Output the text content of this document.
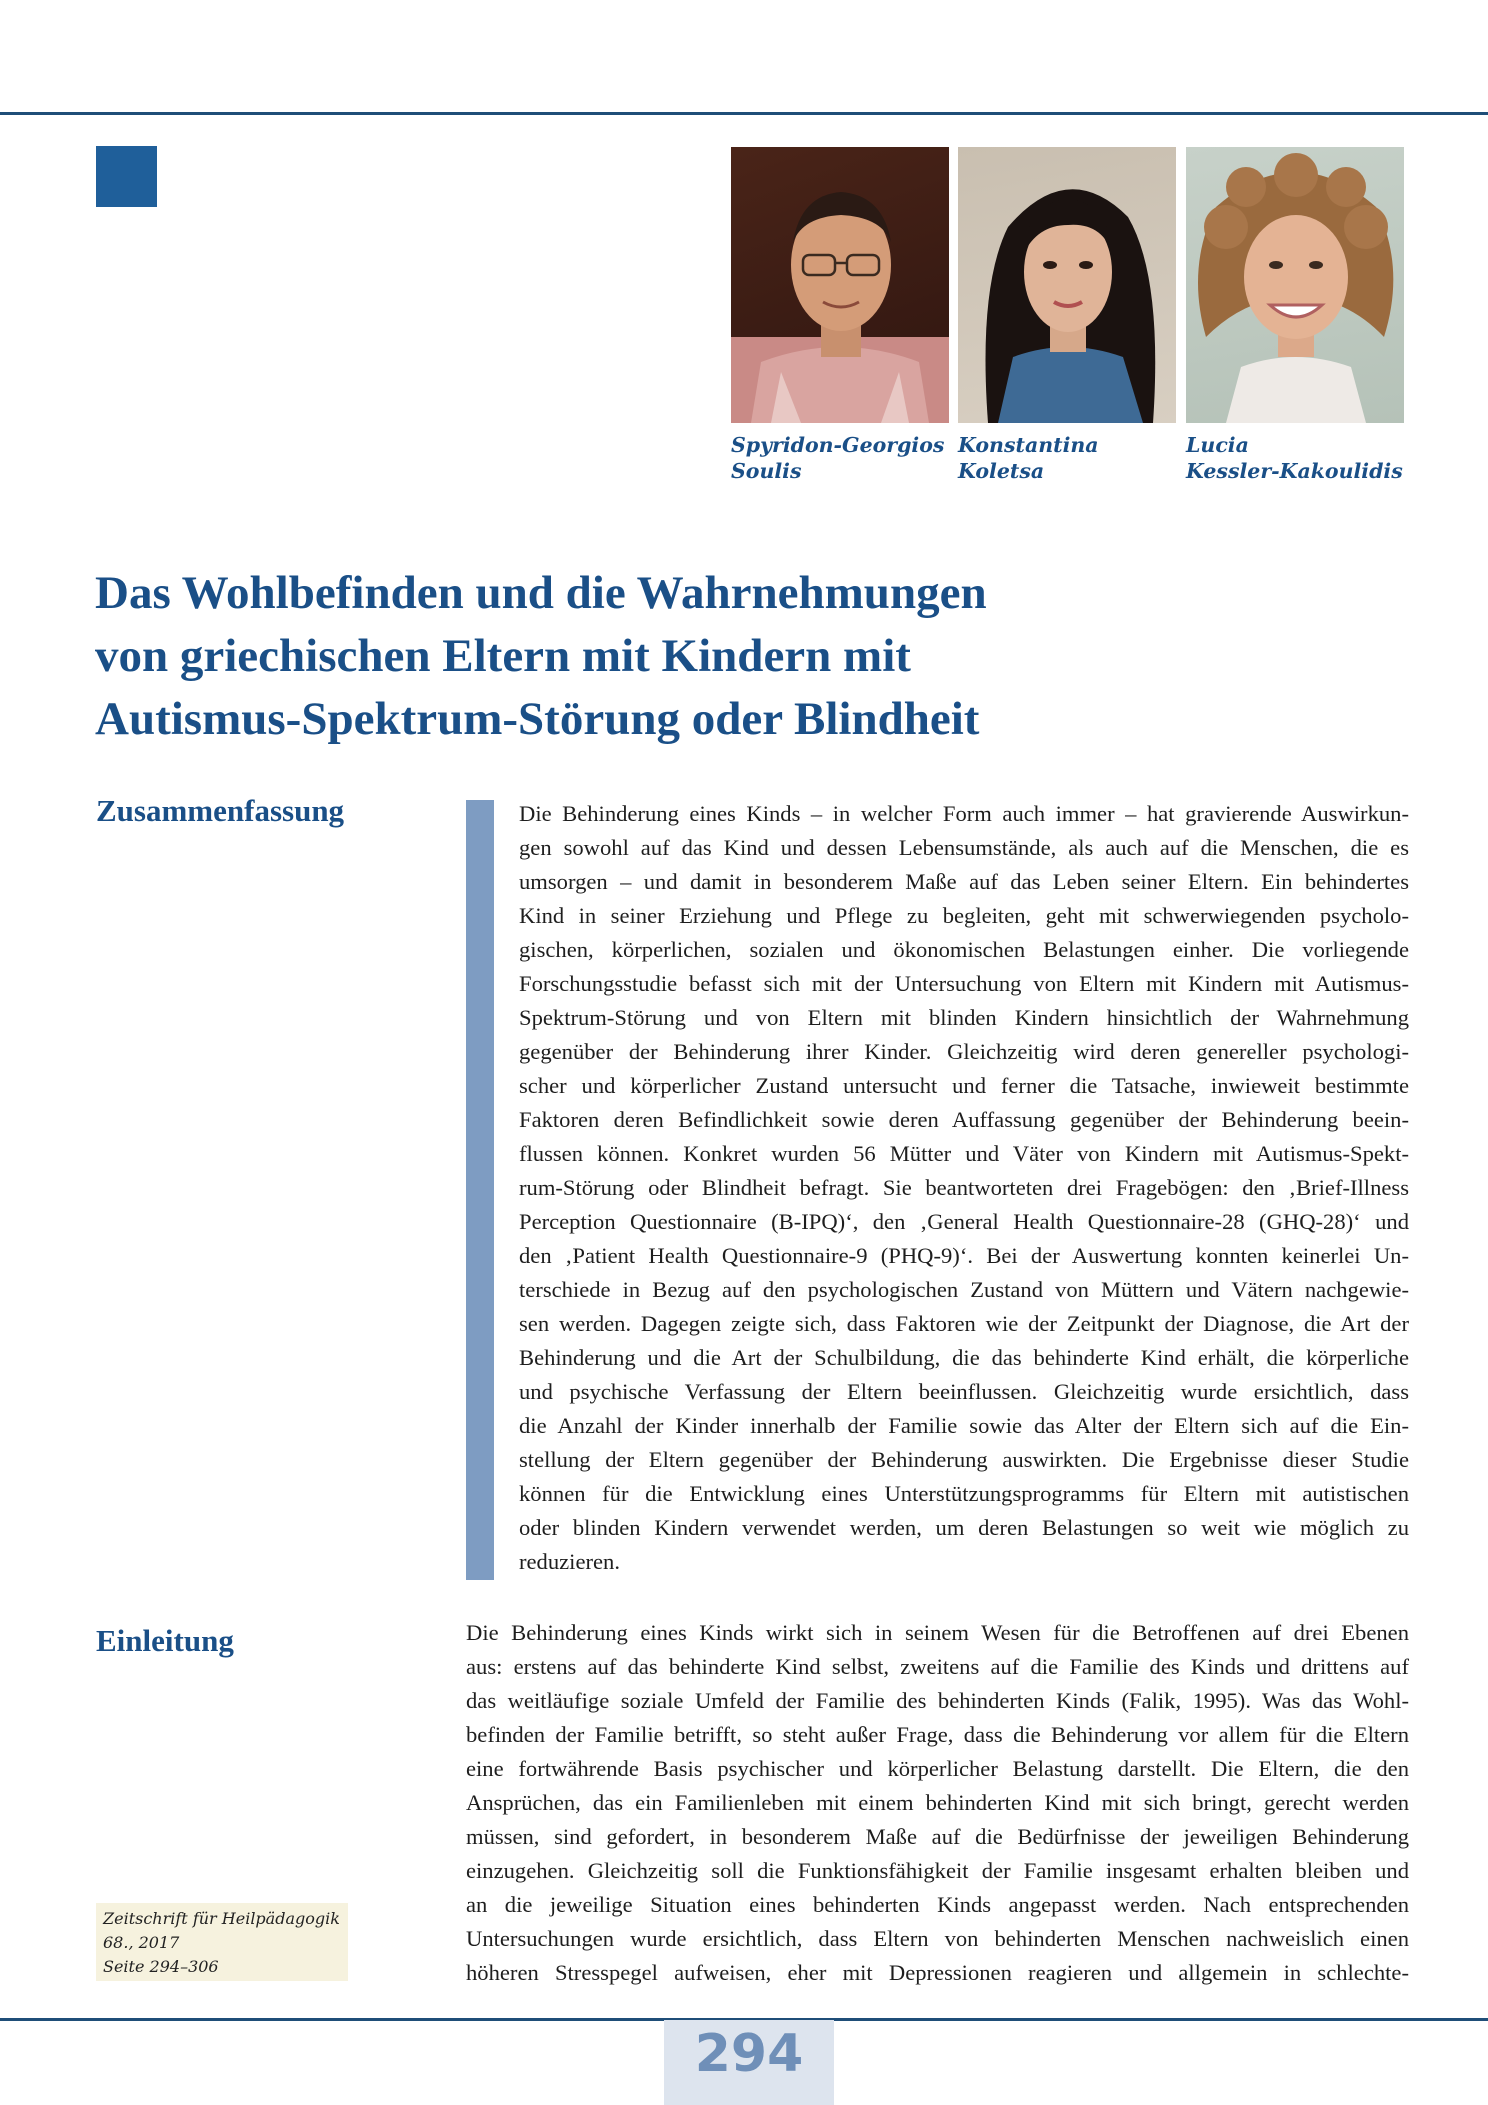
Spyridon-Georgios
Soulis
Konstantina
Koletsa
Lucia
Kessler-Kakoulidis
Das Wohlbefinden und die Wahrnehmungen
von griechischen Eltern mit Kindern mit
Autismus-Spektrum-Störung oder Blindheit
Zusammenfassung	Die Behinderung eines Kinds – in welcher Form auch immer – hat gravierende Auswirkun-
gen sowohl auf das Kind und dessen Lebensumstände, als auch auf die Menschen, die es
umsorgen – und damit in besonderem Maße auf das Leben seiner Eltern. Ein behindertes
Kind in seiner Erziehung und Pflege zu begleiten, geht mit schwerwiegenden psycholo-
gischen, körperlichen, sozialen und ökonomischen Belastungen einher. Die vorliegende
Forschungsstudie befasst sich mit der Untersuchung von Eltern mit Kindern mit Autismus-
Spektrum-Störung und von Eltern mit blinden Kindern hinsichtlich der Wahrnehmung
gegenüber der Behinderung ihrer Kinder. Gleichzeitig wird deren genereller psychologi-
scher und körperlicher Zustand untersucht und ferner die Tatsache, inwieweit bestimmte
Faktoren deren Befindlichkeit sowie deren Auffassung gegenüber der Behinderung beein-
flussen können. Konkret wurden 56 Mütter und Väter von Kindern mit Autismus-Spekt-
rum-Störung oder Blindheit befragt. Sie beantworteten drei Fragebögen: den ‚Brief-Illness
Perception Questionnaire (B-IPQ)‘, den ‚General Health Questionnaire-28 (GHQ-28)‘ und
den ‚Patient Health Questionnaire-9 (PHQ-9)‘. Bei der Auswertung konnten keinerlei Un-
terschiede in Bezug auf den psychologischen Zustand von Müttern und Vätern nachgewie-
sen werden. Dagegen zeigte sich, dass Faktoren wie der Zeitpunkt der Diagnose, die Art der
Behinderung und die Art der Schulbildung, die das behinderte Kind erhält, die körperliche
und psychische Verfassung der Eltern beeinflussen. Gleichzeitig wurde ersichtlich, dass
die Anzahl der Kinder innerhalb der Familie sowie das Alter der Eltern sich auf die Ein-
stellung der Eltern gegenüber der Behinderung auswirkten. Die Ergebnisse dieser Studie
können für die Entwicklung eines Unterstützungsprogramms für Eltern mit autistischen
oder blinden Kindern verwendet werden, um deren Belastungen so weit wie möglich zu
reduzieren.
Einleitung	Die Behinderung eines Kinds wirkt sich in seinem Wesen für die Betroffenen auf drei Ebenen
aus: erstens auf das behinderte Kind selbst, zweitens auf die Familie des Kinds und drittens auf
das weitläufige soziale Umfeld der Familie des behinderten Kinds (Falik, 1995). Was das Wohl-
befinden der Familie betrifft, so steht außer Frage, dass die Behinderung vor allem für die Eltern
eine fortwährende Basis psychischer und körperlicher Belastung darstellt. Die Eltern, die den
Ansprüchen, das ein Familienleben mit einem behinderten Kind mit sich bringt, gerecht werden
müssen, sind gefordert, in besonderem Maße auf die Bedürfnisse der jeweiligen Behinderung
einzugehen. Gleichzeitig soll die Funktionsfähigkeit der Familie insgesamt erhalten bleiben und
an die jeweilige Situation eines behinderten Kinds angepasst werden. Nach entsprechenden
Untersuchungen wurde ersichtlich, dass Eltern von behinderten Menschen nachweislich einen
höheren Stresspegel aufweisen, eher mit Depressionen reagieren und allgemein in schlechte-
Zeitschrift für Heilpädagogik
68., 2017
Seite 294–306
294
